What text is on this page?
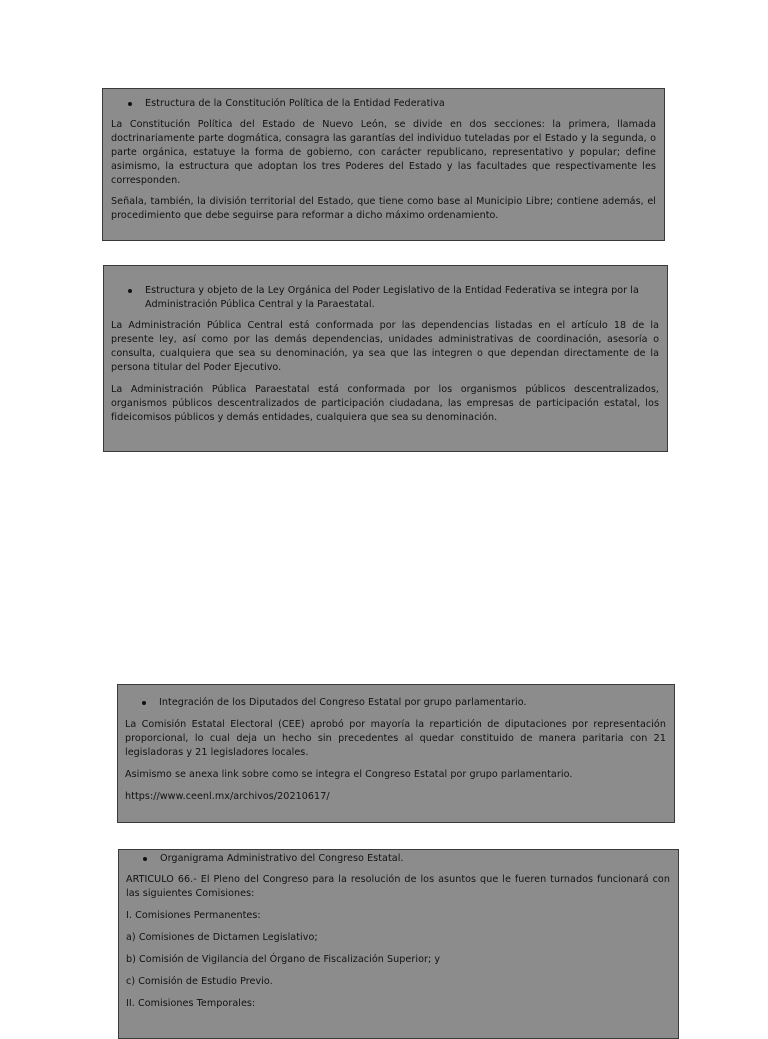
Estructura de la Constitución Política de la Entidad Federativa

La Constitución Política del Estado de Nuevo León, se divide en dos secciones: la primera, llamada doctrinariamente parte dogmática, consagra las garantías del individuo tuteladas por el Estado y la segunda, o parte orgánica, estatuye la forma de gobierno, con carácter republicano, representativo y popular; define asimismo, la estructura que adoptan los tres Poderes del Estado y las facultades que respectivamente les corresponden.

Señala, también, la división territorial del Estado, que tiene como base al Municipio Libre; contiene además, el procedimiento que debe seguirse para reformar a dicho máximo ordenamiento.

Estructura y objeto de la Ley Orgánica del Poder Legislativo de la Entidad Federativa se integra por la Administración Pública Central y la Paraestatal.

La Administración Pública Central está conformada por las dependencias listadas en el artículo 18 de la presente ley, así como por las demás dependencias, unidades administrativas de coordinación, asesoría o consulta, cualquiera que sea su denominación, ya sea que las integren o que dependan directamente de la persona titular del Poder Ejecutivo.

La Administración Pública Paraestatal está conformada por los organismos públicos descentralizados, organismos públicos descentralizados de participación ciudadana, las empresas de participación estatal, los fideicomisos públicos y demás entidades, cualquiera que sea su denominación.

Integración de los Diputados del Congreso Estatal por grupo parlamentario.

La Comisión Estatal Electoral (CEE) aprobó por mayoría la repartición de diputaciones por representación proporcional, lo cual deja un hecho sin precedentes al quedar constituido de manera paritaria con 21 legisladoras y 21 legisladores locales.

Asimismo se anexa link sobre como se integra el Congreso Estatal por grupo parlamentario.

https://www.ceenl.mx/archivos/20210617/

Organigrama Administrativo del Congreso Estatal.

ARTICULO 66.- El Pleno del Congreso para la resolución de los asuntos que le fueren turnados funcionará con las siguientes Comisiones:

I. Comisiones Permanentes:

a) Comisiones de Dictamen Legislativo;

b) Comisión de Vigilancia del Órgano de Fiscalización Superior; y

c) Comisión de Estudio Previo.

II. Comisiones Temporales:
